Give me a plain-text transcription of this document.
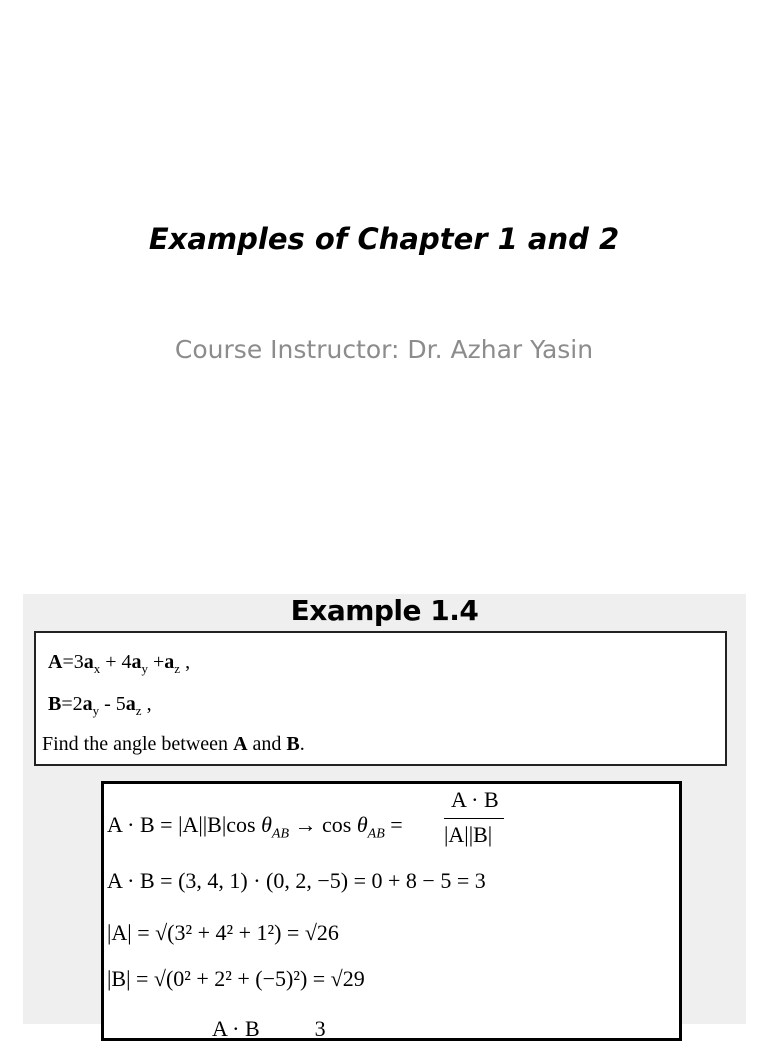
Examples of Chapter 1 and 2
Course Instructor: Dr. Azhar Yasin
Example 1.4
$A=3a_x + 4a_y +a_z$ ,
$B=2a_y - 5a_z$ ,
Find the angle between A and B.
A · B = |A||B|cos $\theta_{AB} \to \cos \theta_{AB}$ =
A · B
|A||B|
A · B = (3, 4, 1) · (0, 2, −5) = 0 + 8 − 5 = 3
|A| = √(3² + 4² + 1²) = √26
|B| = √(0² + 2² + (−5)²) = √29
A · B          3
